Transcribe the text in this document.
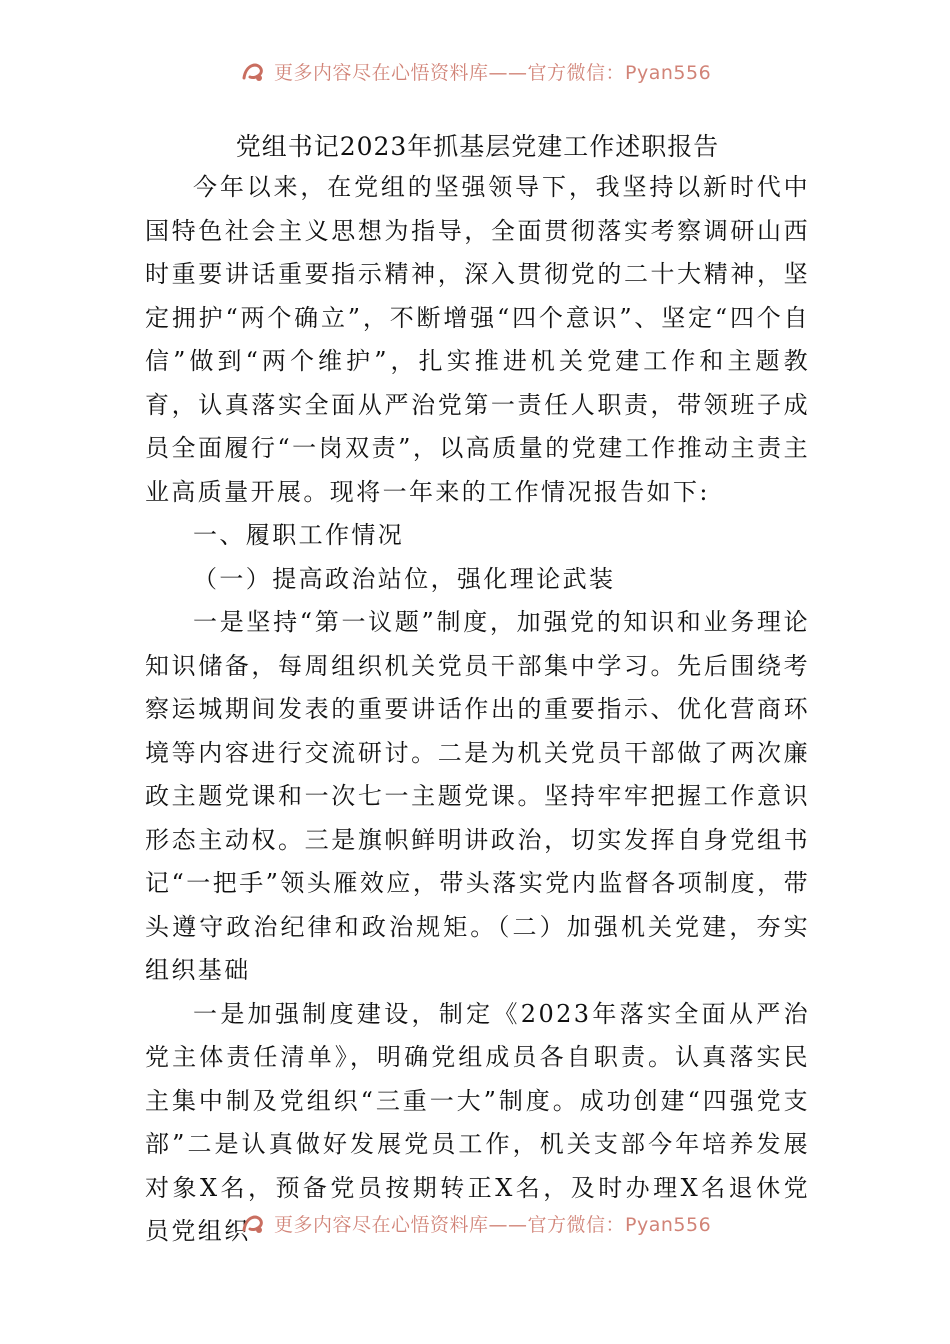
更多内容尽在心悟资料库——官方微信：Pyan556
党组书记2023年抓基层党建工作述职报告

今年以来，在党组的坚强领导下，我坚持以新时代中国特色社会主义思想为指导，全面贯彻落实考察调研山西时重要讲话重要指示精神，深入贯彻党的二十大精神，坚定拥护“两个确立”，不断增强“四个意识”、坚定“四个自信”做到“两个维护”，扎实推进机关党建工作和主题教育，认真落实全面从严治党第一责任人职责，带领班子成员全面履行“一岗双责”，以高质量的党建工作推动主责主业高质量开展。现将一年来的工作情况报告如下:

一、履职工作情况

（一）提高政治站位，强化理论武装

一是坚持“第一议题”制度，加强党的知识和业务理论知识储备，每周组织机关党员干部集中学习。先后围绕考察运城期间发表的重要讲话作出的重要指示、优化营商环境等内容进行交流研讨。二是为机关党员干部做了两次廉政主题党课和一次七一主题党课。坚持牢牢把握工作意识形态主动权。三是旗帜鲜明讲政治，切实发挥自身党组书记“一把手”领头雁效应，带头落实党内监督各项制度，带头遵守政治纪律和政治规矩。（二）加强机关党建，夯实组织基础

一是加强制度建设，制定《2023年落实全面从严治党主体责任清单》，明确党组成员各自职责。认真落实民主集中制及党组织“三重一大”制度。成功创建“四强党支部”二是认真做好发展党员工作，机关支部今年培养发展对象X名，预备党员按期转正X名，及时办理X名退休党员党组织	更多内容尽在心悟资料库——官方微信：Pyan556
